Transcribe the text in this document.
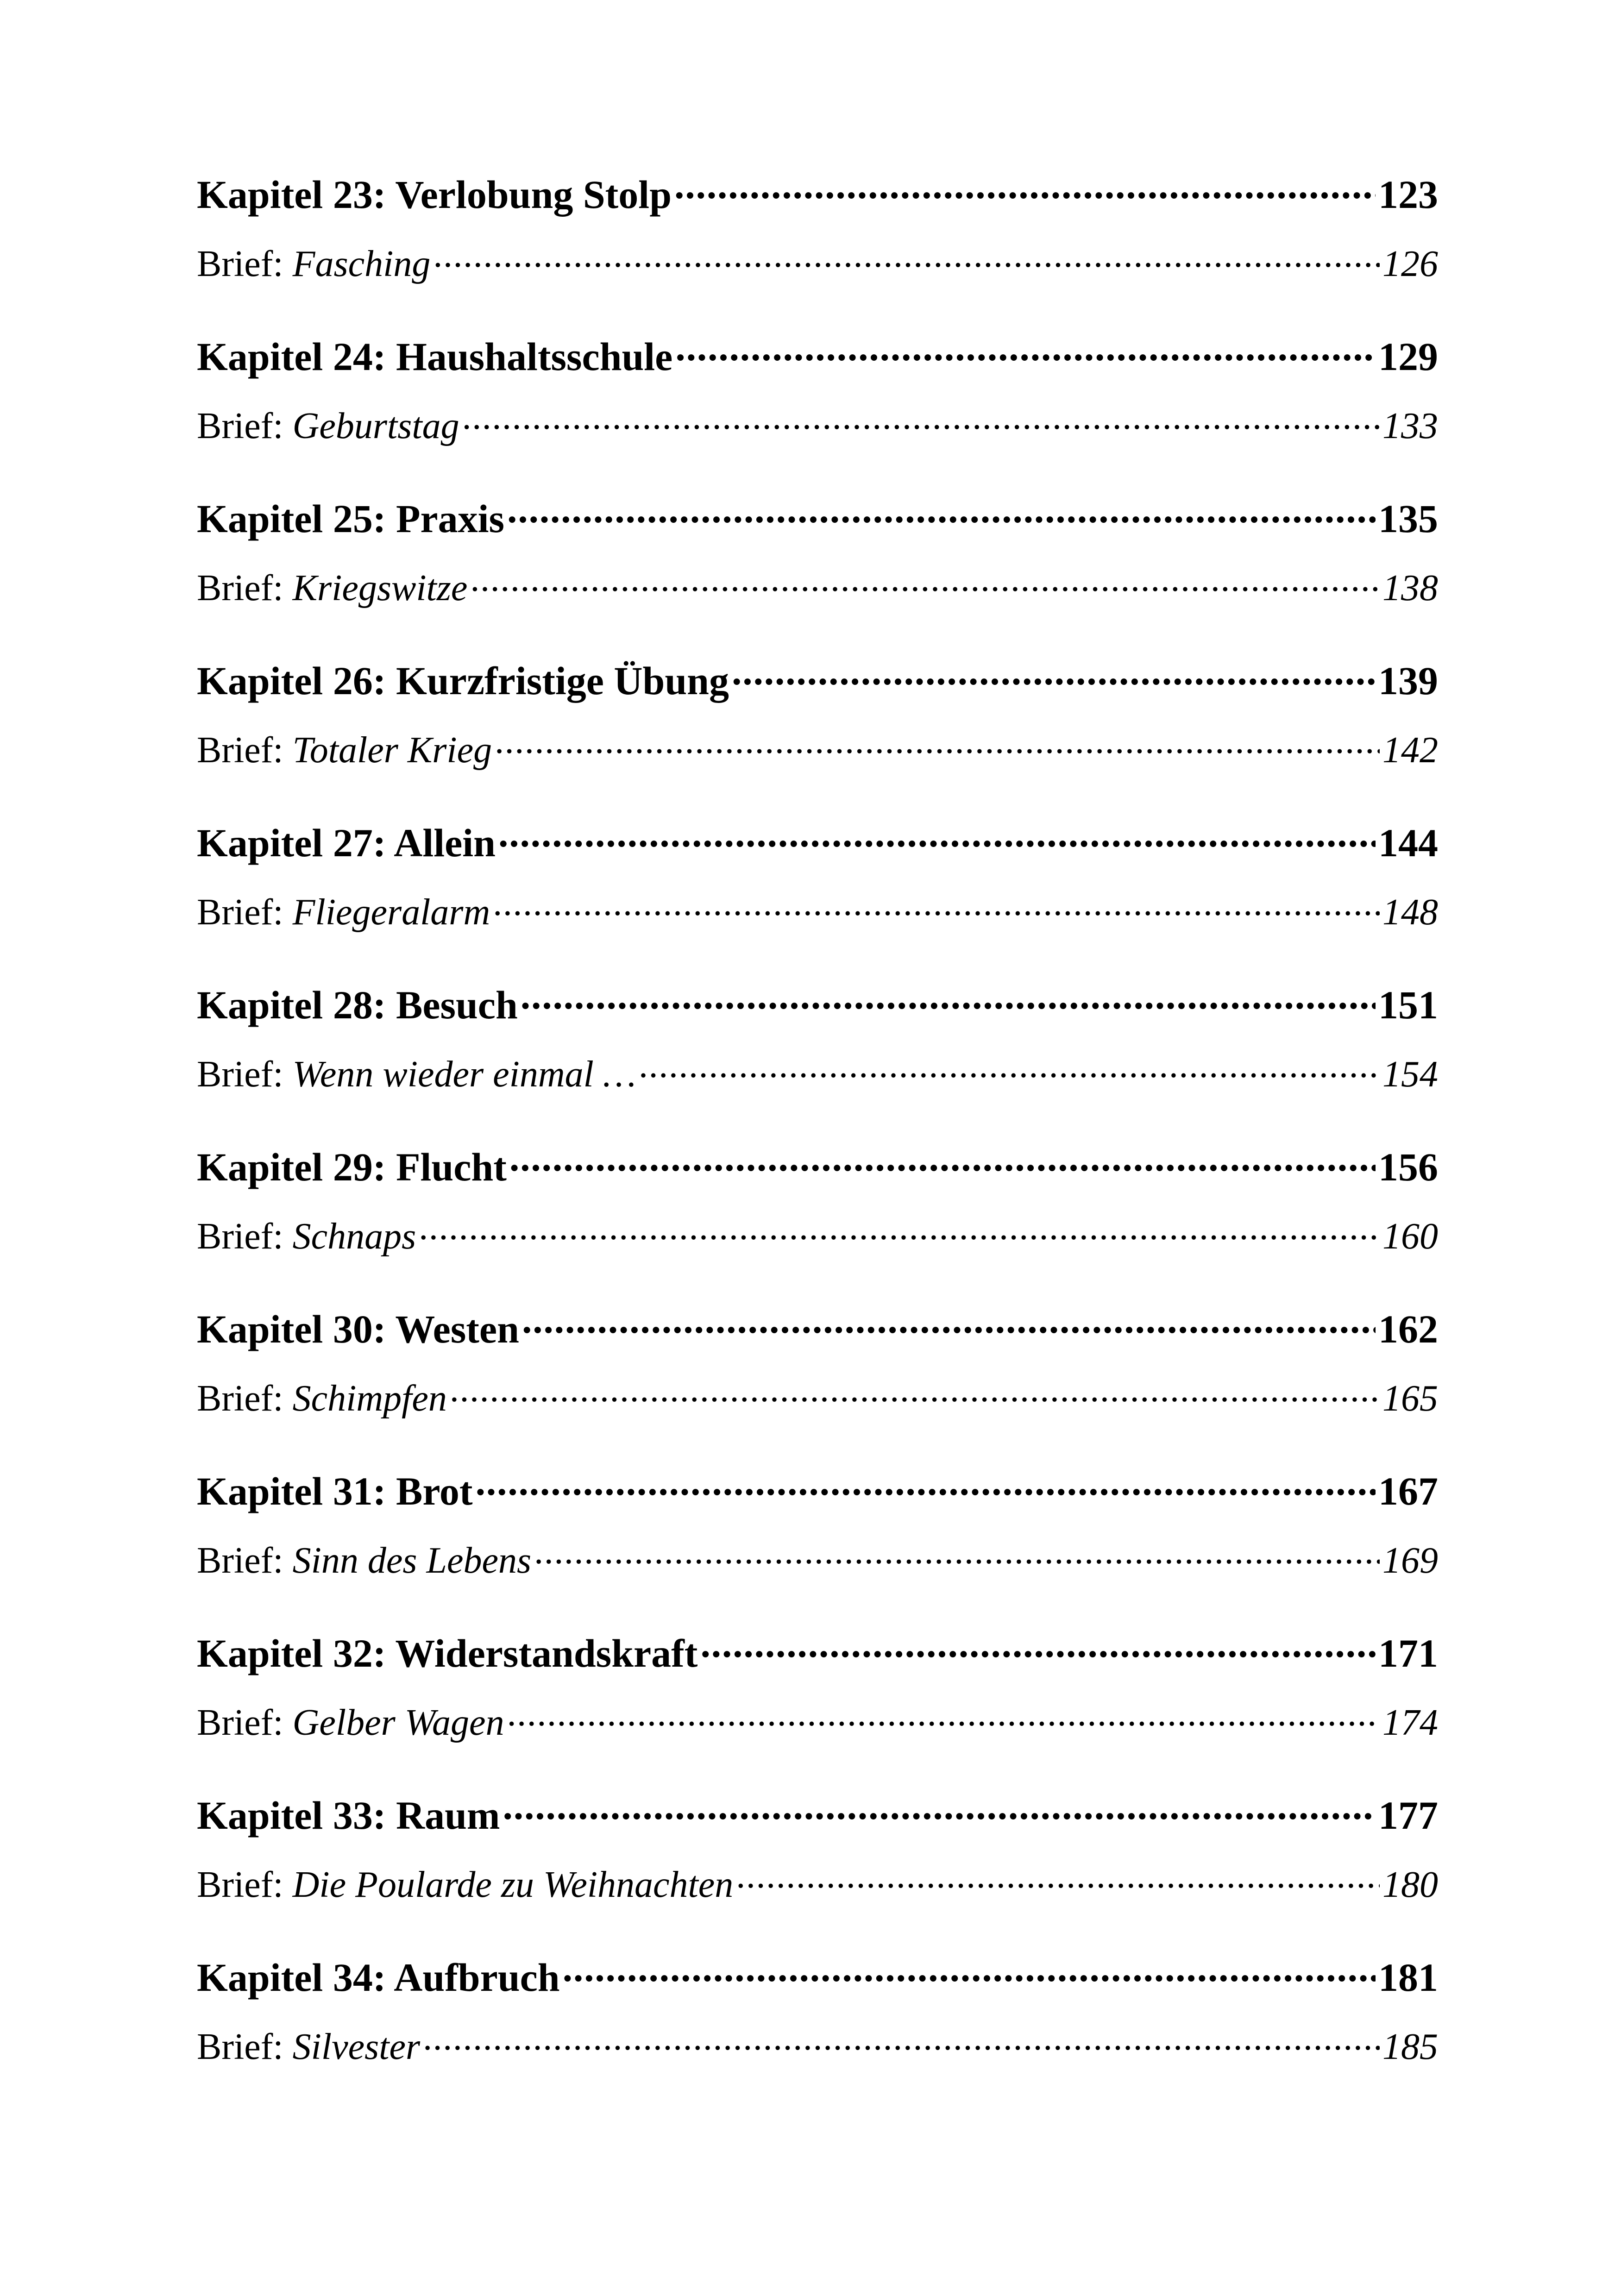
Kapitel 23: Verlobung Stolp .....	123
Brief: Fasching .....	126
Kapitel 24: Haushaltsschule .....	129
Brief: Geburtstag .....	133
Kapitel 25: Praxis .....	135
Brief: Kriegswitze .....	138
Kapitel 26: Kurzfristige Übung .....	139
Brief: Totaler Krieg .....	142
Kapitel 27: Allein .....	144
Brief: Fliegeralarm .....	148
Kapitel 28: Besuch .....	151
Brief: Wenn wieder einmal … .....	154
Kapitel 29: Flucht .....	156
Brief: Schnaps .....	160
Kapitel 30: Westen .....	162
Brief: Schimpfen .....	165
Kapitel 31: Brot .....	167
Brief: Sinn des Lebens .....	169
Kapitel 32: Widerstandskraft .....	171
Brief: Gelber Wagen .....	174
Kapitel 33: Raum .....	177
Brief: Die Poularde zu Weihnachten .....	180
Kapitel 34: Aufbruch .....	181
Brief: Silvester .....	185
